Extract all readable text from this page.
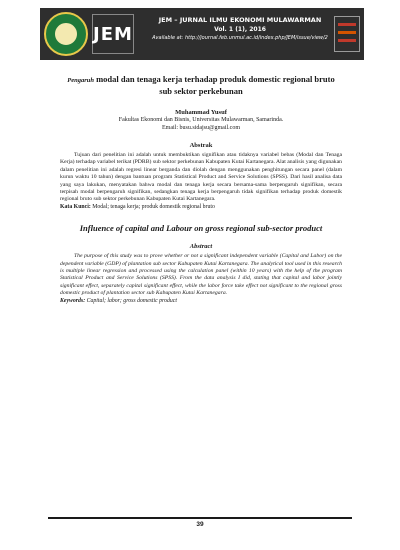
JEM
JEM – JURNAL ILMU EKONOMI MULAWARMAN
Vol. 1 (1), 2016
Available at: http://journal.feb.unmul.ac.id/index.php/JEM/issue/view/2
Pengaruh modal dan tenaga kerja terhadap produk domestic regional bruto sub sektor perkebunan
Muhammad Yusuf
Fakultas Ekonomi dan Bisnis, Universitas Mulawarman, Samarinda.
Email: busu.sidajsu@gmail.com
Abstrak
Tujuan dari penelitian ini adalah untuk membuktikan signifikan atau tidaknya variabel bebas (Modal dan Tenaga Kerja) terhadap variabel terikat (PDRB) sub sektor perkebunan Kabupaten Kutai Kartanegara. Alat analisis yang digunakan dalam penelitian ini adalah regresi linear berganda dan diolah dengan menggunakan penghitungan secara panel (dalam kurun waktu 10 tahun) dengan bantuan program Statistical Product and Service Solutions (SPSS). Dari hasil analisa data yang saya lakukan, menyatakan bahwa modal dan tenaga kerja secara bersama-sama berpengaruh signifikan, secara terpisah modal berpengaruh signifikan, sedangkan tenaga kerja berpengaruh tidak signifikan terhadap produk domestik regional bruto sub sektor perkebunan Kabupaten Kutai Kartanegara.
Kata Kunci: Modal; tenaga kerja; produk domestik regional bruto
Influence of capital and Labour on gross regional sub-sector product
Abstract
The purpose of this study was to prove whether or not a significant independent variable (Capital and Labor) on the dependent variable (GDP) of plantation sub sector Kabupaten Kutai Kartanegara. The analytical tool used in this research is multiple linear regression and processed using the calculation panel (within 10 years) with the help of the program Statistical Product and Service Solutions (SPSS). From the data analysis I did, stating that capital and labor jointly significant effect, separately capital significant effect, while the labor force take effect not significant to the regional gross domestic product of plantation sector sub Kabupaten Kutai Kartanegara.
Keywords: Capital; labor; gross domestic product
39
